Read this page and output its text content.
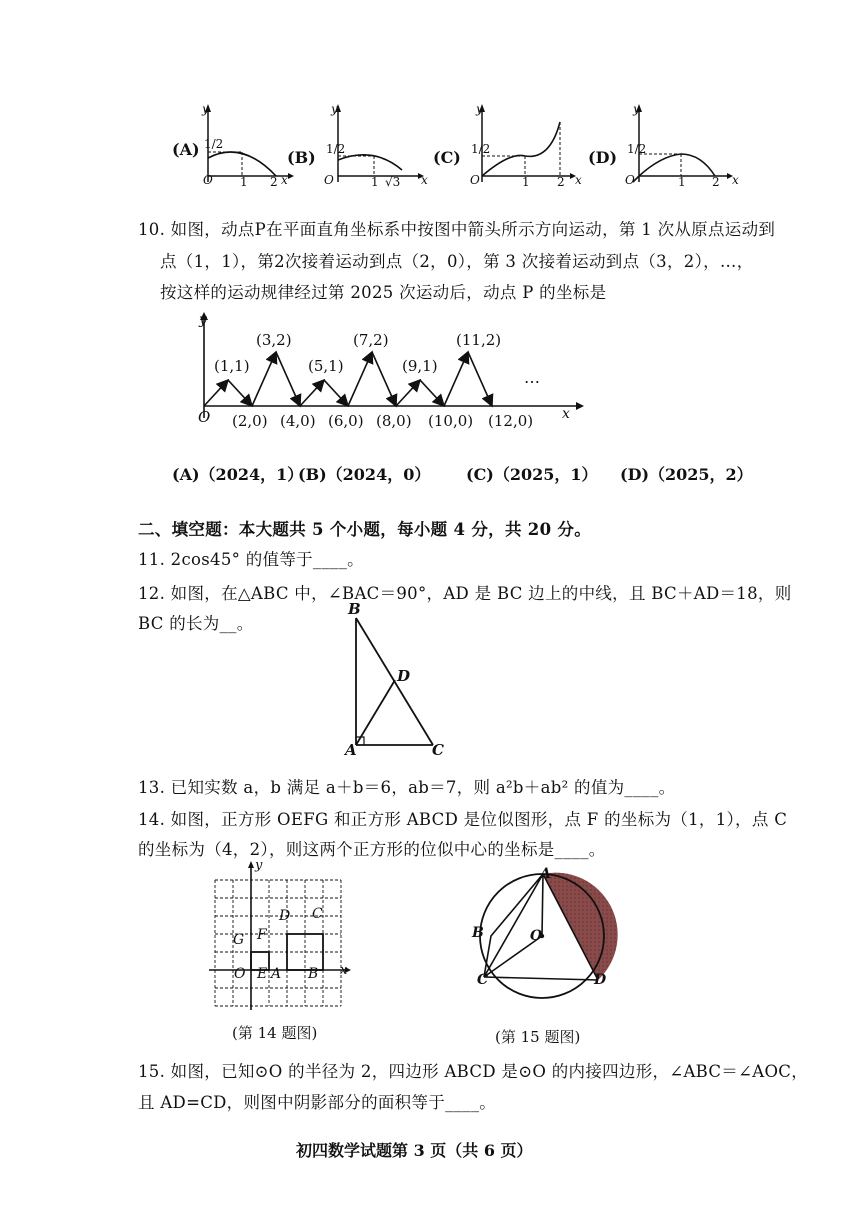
(A)
y
1/2
O 1 2 x
(B)
y
1/2
O	1 √3 x
(C)
y
1/2
O	1 2 x
(D)
y
1/2
O	1 2 x
10. 如图，动点P在平面直角坐标系中按图中箭头所示方向运动，第 1 次从原点运动到
点（1，1），第2次接着运动到点（2，0），第 3 次接着运动到点（3，2），…，
按这样的运动规律经过第 2025 次运动后，动点 P 的坐标是
y
O	x
(1,1)
(3,2)
(5,1)
(7,2)
(9,1)
(11,2)
…
(2,0) (4,0) (6,0) (8,0) (10,0) (12,0)
(A)（2024，1）
(B)（2024，0） (C)（2025，1） (D)（2025，2）
二、填空题：本大题共 5 个小题，每小题 4 分，共 20 分。
11. 2cos45° 的值等于____。
12. 如图，在△ABC 中，∠BAC＝90°，AD 是 BC 边上的中线，且 BC＋AD＝18，则
BC 的长为__。
B
D
A	C
13. 已知实数 a，b 满足 a＋b＝6，ab＝7，则 a²b＋ab² 的值为____。
14. 如图，正方形 OEFG 和正方形 ABCD 是位似图形，点 F 的坐标为（1，1），点 C
的坐标为（4，2），则这两个正方形的位似中心的坐标是____。
y
x
D C
G F
O E A B
(第 14 题图)
A
B	O
C	D
(第 15 题图)
15. 如图，已知⊙O 的半径为 2，四边形 ABCD 是⊙O 的内接四边形，∠ABC＝∠AOC，
且 AD=CD，则图中阴影部分的面积等于____。
初四数学试题第 3 页（共 6 页）
